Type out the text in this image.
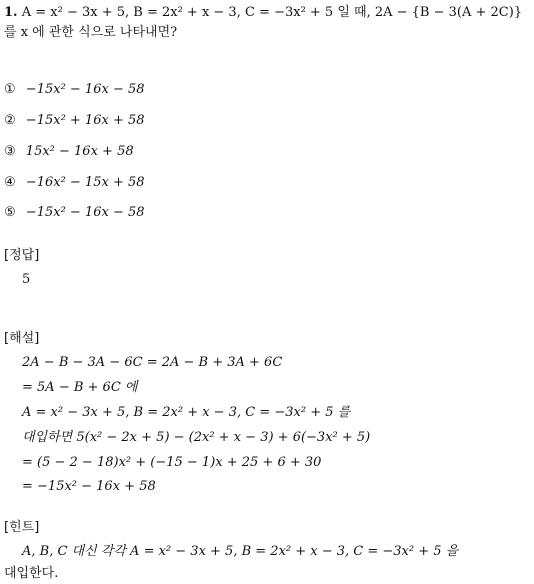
1. A = x² − 3x + 5, B = 2x² + x − 3, C = −3x² + 5 일 때, 2A − {B − 3(A + 2C)}
를 x 에 관한 식으로 나타내면?
① −15x² − 16x − 58
② −15x² + 16x + 58
③ 15x² − 16x + 58
④ −16x² − 15x + 58
⑤ −15x² − 16x − 58
[정답]
5
[해설]
2A − B − 3A − 6C = 2A − B + 3A + 6C
= 5A − B + 6C 에
A = x² − 3x + 5, B = 2x² + x − 3, C = −3x² + 5 를
대입하면 5(x² − 2x + 5) − (2x² + x − 3) + 6(−3x² + 5)
= (5 − 2 − 18)x² + (−15 − 1)x + 25 + 6 + 30
= −15x² − 16x + 58
[힌트]
A, B, C 대신 각각 A = x² − 3x + 5, B = 2x² + x − 3, C = −3x² + 5 을
대입한다.
